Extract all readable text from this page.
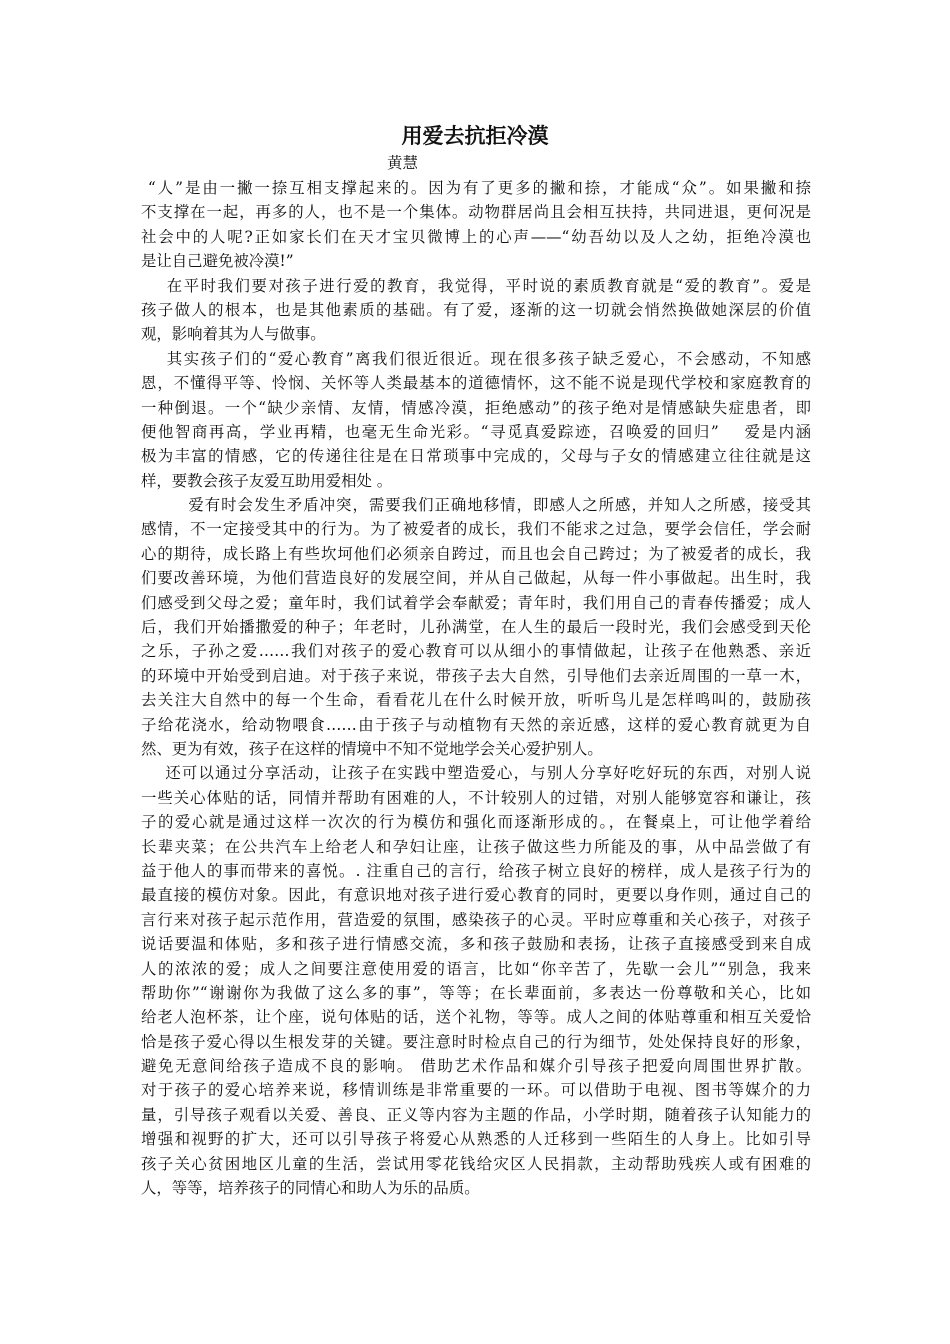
用爱去抗拒冷漠
黄慧
“人”是由一撇一捺互相支撑起来的。因为有了更多的撇和捺，才能成“众”。如果撇和捺
不支撑在一起，再多的人，也不是一个集体。动物群居尚且会相互扶持，共同进退，更何况是
社会中的人呢?正如家长们在天才宝贝微博上的心声——“幼吾幼以及人之幼，拒绝冷漠也
是让自己避免被冷漠!”
在平时我们要对孩子进行爱的教育，我觉得，平时说的素质教育就是“爱的教育”。爱是
孩子做人的根本，也是其他素质的基础。有了爱，逐渐的这一切就会悄然换做她深层的价值
观，影响着其为人与做事。
其实孩子们的“爱心教育”离我们很近很近。现在很多孩子缺乏爱心，不会感动，不知感
恩，不懂得平等、怜悯、关怀等人类最基本的道德情怀，这不能不说是现代学校和家庭教育的
一种倒退。一个“缺少亲情、友情，情感冷漠，拒绝感动”的孩子绝对是情感缺失症患者，即
便他智商再高，学业再精，也毫无生命光彩。“寻觅真爱踪迹，召唤爱的回归”    爱是内涵
极为丰富的情感，它的传递往往是在日常琐事中完成的，父母与子女的情感建立往往就是这
样，要教会孩子友爱互助用爱相处 。
爱有时会发生矛盾冲突，需要我们正确地移情，即感人之所感，并知人之所感，接受其
感情，不一定接受其中的行为。为了被爱者的成长，我们不能求之过急，要学会信任，学会耐
心的期待，成长路上有些坎坷他们必须亲自跨过，而且也会自己跨过；为了被爱者的成长，我
们要改善环境，为他们营造良好的发展空间，并从自己做起，从每一件小事做起。出生时，我
们感受到父母之爱；童年时，我们试着学会奉献爱；青年时，我们用自己的青春传播爱；成人
后，我们开始播撒爱的种子；年老时，儿孙满堂，在人生的最后一段时光，我们会感受到天伦
之乐，子孙之爱……我们对孩子的爱心教育可以从细小的事情做起，让孩子在他熟悉、亲近
的环境中开始受到启迪。对于孩子来说，带孩子去大自然，引导他们去亲近周围的一草一木，
去关注大自然中的每一个生命，看看花儿在什么时候开放，听听鸟儿是怎样鸣叫的，鼓励孩
子给花浇水，给动物喂食……由于孩子与动植物有天然的亲近感，这样的爱心教育就更为自
然、更为有效，孩子在这样的情境中不知不觉地学会关心爱护别人。
还可以通过分享活动，让孩子在实践中塑造爱心，与别人分享好吃好玩的东西，对别人说
一些关心体贴的话，同情并帮助有困难的人，不计较别人的过错，对别人能够宽容和谦让，孩
子的爱心就是通过这样一次次的行为模仿和强化而逐渐形成的。，在餐桌上，可让他学着给
长辈夹菜；在公共汽车上给老人和孕妇让座，让孩子做这些力所能及的事，从中品尝做了有
益于他人的事而带来的喜悦。. 注重自己的言行，给孩子树立良好的榜样，成人是孩子行为的
最直接的模仿对象。因此，有意识地对孩子进行爱心教育的同时，更要以身作则，通过自己的
言行来对孩子起示范作用，营造爱的氛围，感染孩子的心灵。平时应尊重和关心孩子，对孩子
说话要温和体贴，多和孩子进行情感交流，多和孩子鼓励和表扬，让孩子直接感受到来自成
人的浓浓的爱；成人之间要注意使用爱的语言，比如“你辛苦了，先歇一会儿”“别急，我来
帮助你”“谢谢你为我做了这么多的事”，等等；在长辈面前，多表达一份尊敬和关心，比如
给老人泡杯茶，让个座，说句体贴的话，送个礼物，等等。成人之间的体贴尊重和相互关爱恰
恰是孩子爱心得以生根发芽的关键。要注意时时检点自己的行为细节，处处保持良好的形象，
避免无意间给孩子造成不良的影响。 借助艺术作品和媒介引导孩子把爱向周围世界扩散。
对于孩子的爱心培养来说，移情训练是非常重要的一环。可以借助于电视、图书等媒介的力
量，引导孩子观看以关爱、善良、正义等内容为主题的作品，小学时期，随着孩子认知能力的
增强和视野的扩大，还可以引导孩子将爱心从熟悉的人迁移到一些陌生的人身上。比如引导
孩子关心贫困地区儿童的生活，尝试用零花钱给灾区人民捐款，主动帮助残疾人或有困难的
人，等等，培养孩子的同情心和助人为乐的品质。
